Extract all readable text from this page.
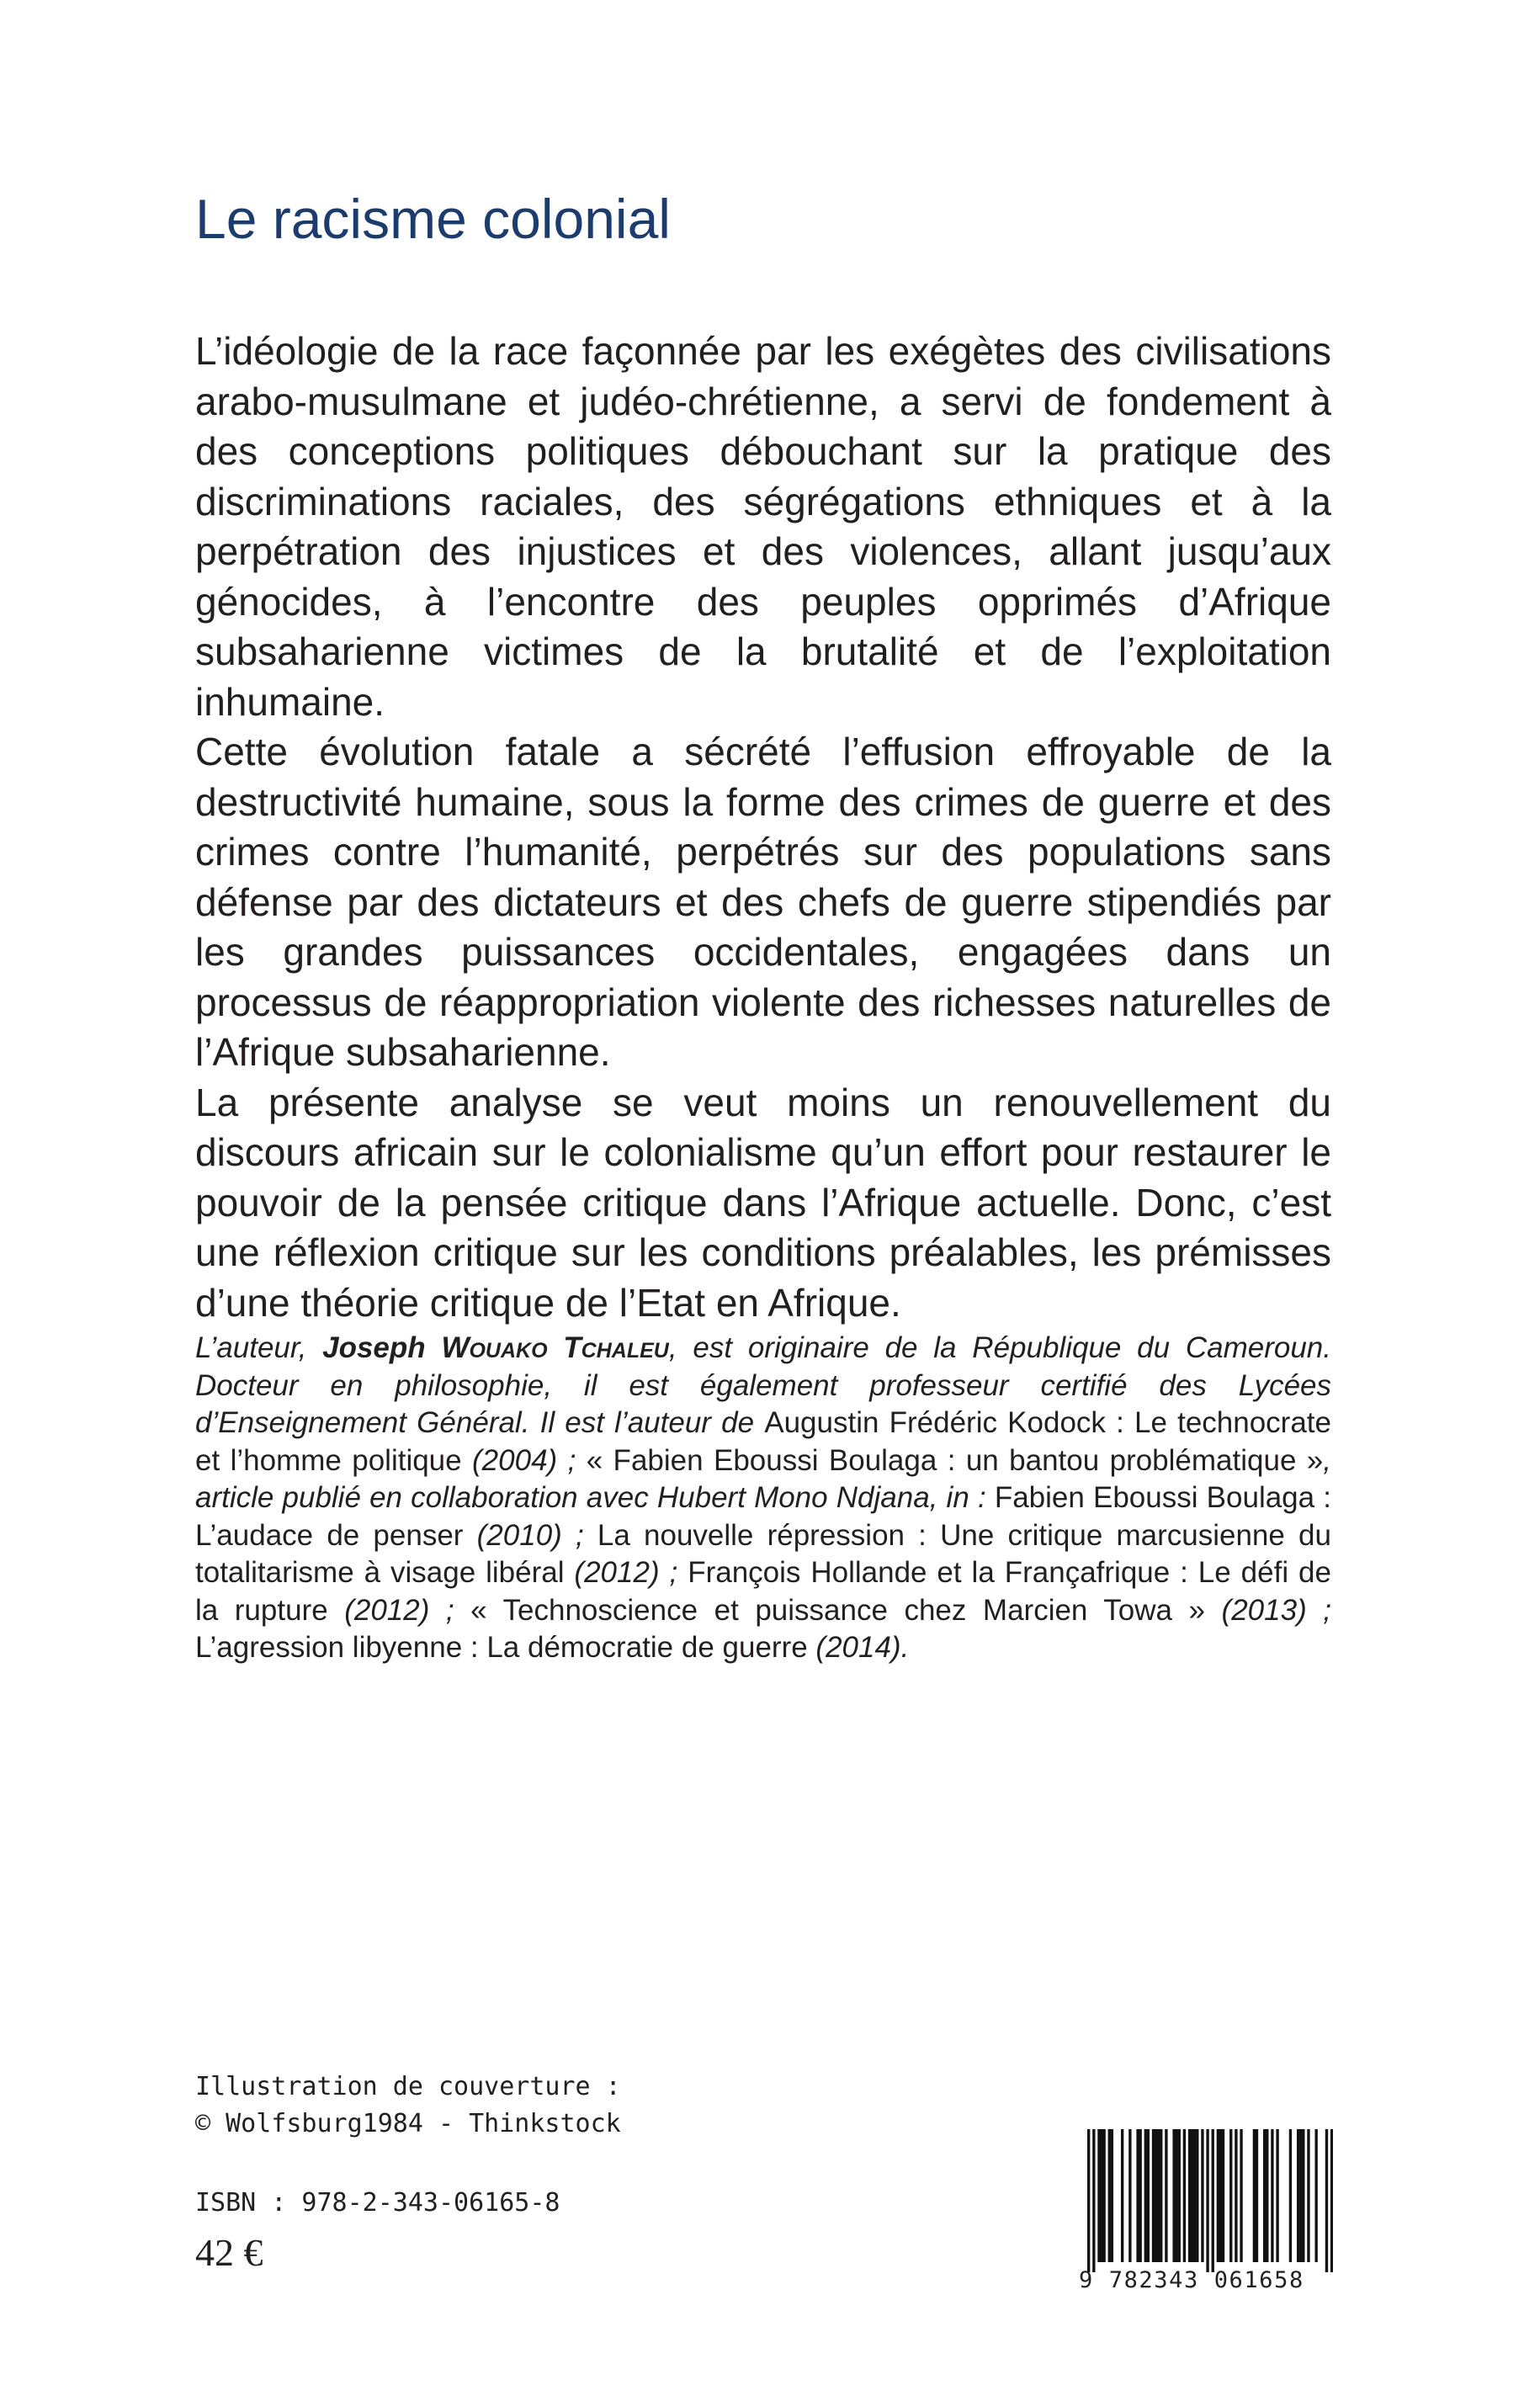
Le racisme colonial

L’idéologie de la race façonnée par les exégètes des civilisations arabo-musulmane et judéo-chrétienne, a servi de fondement à des conceptions politiques débouchant sur la pratique des discriminations raciales, des ségrégations ethniques et à la perpétration des injustices et des violences, allant jusqu’aux génocides, à l’encontre des peuples opprimés d’Afrique subsaharienne victimes de la brutalité et de l’exploitation inhumaine.

Cette évolution fatale a sécrété l’effusion effroyable de la destructivité humaine, sous la forme des crimes de guerre et des crimes contre l’humanité, perpétrés sur des populations sans défense par des dictateurs et des chefs de guerre stipendiés par les grandes puissances occidentales, engagées dans un processus de réappropriation violente des richesses naturelles de l’Afrique subsaharienne.

La présente analyse se veut moins un renouvellement du discours africain sur le colonialisme qu’un effort pour restaurer le pouvoir de la pensée critique dans l’Afrique actuelle. Donc, c’est une réflexion critique sur les conditions préalables, les prémisses d’une théorie critique de l’Etat en Afrique.

L’auteur, Joseph Wouako Tchaleu, est originaire de la République du Cameroun. Docteur en philosophie, il est également professeur certifié des Lycées d’Enseignement Général. Il est l’auteur de Augustin Frédéric Kodock : Le technocrate et l’homme politique (2004) ; « Fabien Eboussi Boulaga : un bantou problématique », article publié en collaboration avec Hubert Mono Ndjana, in : Fabien Eboussi Boulaga : L’audace de penser (2010) ; La nouvelle répression : Une critique marcusienne du totalitarisme à visage libéral (2012) ; François Hollande et la Françafrique : Le défi de la rupture (2012) ; « Technoscience et puissance chez Marcien Towa » (2013) ; L’agression libyenne : La démocratie de guerre (2014).

Illustration de couverture :
© Wolfsburg1984 - Thinkstock
ISBN : 978-2-343-06165-8
42 €
9 782343 061658
